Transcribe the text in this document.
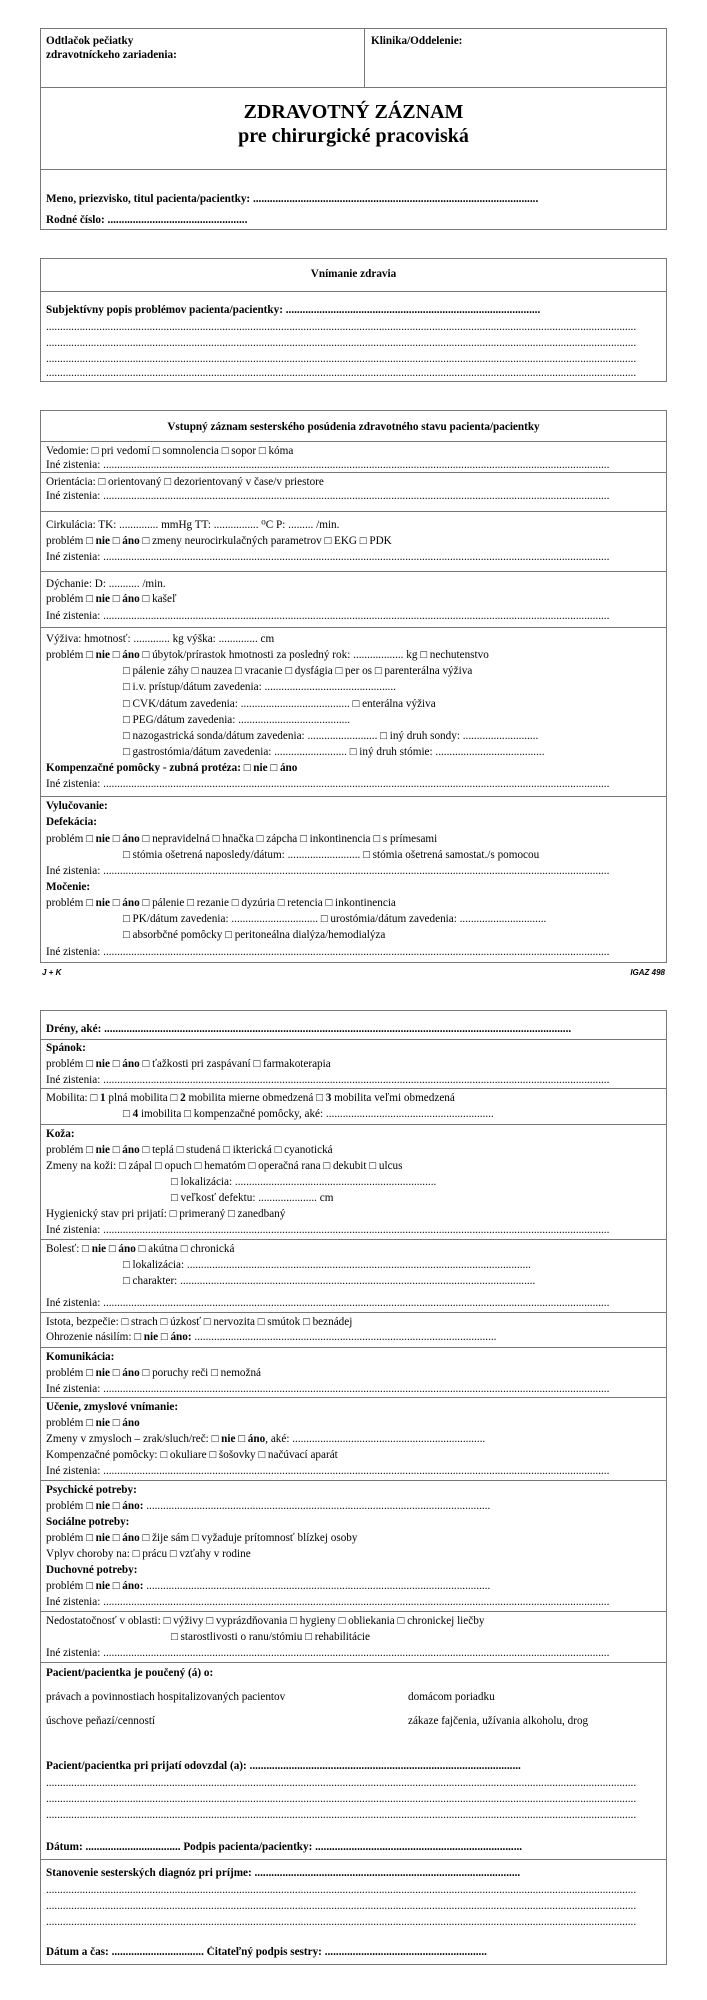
Odtlačok pečiatky
zdravotníckeho zariadenia:
Klinika/Oddelenie:
ZDRAVOTNÝ ZÁZNAM
pre chirurgické pracoviská
Meno, priezvisko, titul pacienta/pacientky: ......................................................................................................
Rodné číslo: ..................................................
Vnímanie zdravia
Subjektívny popis problémov pacienta/pacientky: ...........................................................................................
...................................................................................................................................................................................................................
...................................................................................................................................................................................................................
...................................................................................................................................................................................................................
...................................................................................................................................................................................................................
Vstupný záznam sesterského posúdenia zdravotného stavu pacienta/pacientky
Vedomie: □ pri vedomí □ somnolencia □ sopor □ kóma
Iné zistenia: .....................................................................................................................................................................................
Orientácia: □ orientovaný □ dezorientovaný v čase/v priestore
Iné zistenia: .....................................................................................................................................................................................
Cirkulácia: TK: .............. mmHg TT: ................ ⁰C P: ......... /min.
problém □ nie □ áno □ zmeny neurocirkulačných parametrov □ EKG □ PDK
Iné zistenia: .....................................................................................................................................................................................
Dýchanie: D: ........... /min.
problém □ nie □ áno □ kašeľ
Iné zistenia: .....................................................................................................................................................................................
Výživa: hmotnosť: ............. kg výška: .............. cm
problém □ nie □ áno □ úbytok/prírastok hmotnosti za posledný rok: .................. kg □ nechutenstvo
□ pálenie záhy □ nauzea □ vracanie □ dysfágia □ per os □ parenterálna výživa
□ i.v. prístup/dátum zavedenia: ...............................................
□ CVK/dátum zavedenia: ....................................... □ enterálna výživa
□ PEG/dátum zavedenia: ........................................
□ nazogastrická sonda/dátum zavedenia: ......................... □ iný druh sondy: ...........................
□ gastrostómia/dátum zavedenia: .......................... □ iný druh stómie: .......................................
Kompenzačné pomôcky - zubná protéza: □ nie □ áno
Iné zistenia: .....................................................................................................................................................................................
Vylučovanie:
Defekácia:
problém □ nie □ áno □ nepravidelná □ hnačka □ zápcha □ inkontinencia □ s prímesami
□ stómia ošetrená naposledy/dátum: .......................... □ stómia ošetrená samostat./s pomocou
Iné zistenia: .....................................................................................................................................................................................
Močenie:
problém □ nie □ áno □ pálenie □ rezanie □ dyzúria □ retencia □ inkontinencia
□ PK/dátum zavedenia: ............................... □ urostómia/dátum zavedenia: ...............................
□ absorbčné pomôcky □ peritoneálna dialýza/hemodialýza
Iné zistenia: .....................................................................................................................................................................................
J + K	IGAZ 498
Drény, aké: .......................................................................................................................................................................
Spánok:
problém □ nie □ áno □ ťažkosti pri zaspávaní □ farmakoterapia
Iné zistenia: .....................................................................................................................................................................................
Mobilita: □ 1 plná mobilita □ 2 mobilita mierne obmedzená □ 3 mobilita veľmi obmedzená
□ 4 imobilita □ kompenzačné pomôcky, aké: ............................................................
Koža:
problém □ nie □ áno □ teplá □ studená □ ikterická □ cyanotická
Zmeny na koži: □ zápal □ opuch □ hematóm □ operačná rana □ dekubit □ ulcus
□ lokalizácia: ........................................................................
□ veľkosť defektu: ..................... cm
Hygienický stav pri prijatí: □ primeraný □ zanedbaný
Iné zistenia: .....................................................................................................................................................................................
Bolesť: □ nie □ áno □ akútna □ chronická
□ lokalizácia: ...........................................................................................................................
□ charakter: ...............................................................................................................................
Iné zistenia: .....................................................................................................................................................................................
Istota, bezpečie: □ strach □ úzkosť □ nervozita □ smútok □ beznádej
Ohrozenie násilím: □ nie □ áno: ............................................................................................................
Komunikácia:
problém □ nie □ áno □ poruchy reči □ nemožná
Iné zistenia: .....................................................................................................................................................................................
Učenie, zmyslové vnímanie:
problém □ nie □ áno
Zmeny v zmysloch – zrak/sluch/reč: □ nie □ áno, aké: .....................................................................
Kompenzačné pomôcky: □ okuliare □ šošovky □ načúvací aparát
Iné zistenia: .....................................................................................................................................................................................
Psychické potreby:
problém □ nie □ áno: ...........................................................................................................................
Sociálne potreby:
problém □ nie □ áno □ žije sám □ vyžaduje prítomnosť blízkej osoby
Vplyv choroby na: □ prácu □ vzťahy v rodine
Duchovné potreby:
problém □ nie □ áno: ...........................................................................................................................
Iné zistenia: .....................................................................................................................................................................................
Nedostatočnosť v oblasti: □ výživy □ vyprázdňovania □ hygieny □ obliekania □ chronickej liečby
□ starostlivosti o ranu/stómiu □ rehabilitácie
Iné zistenia: .....................................................................................................................................................................................
Pacient/pacientka je poučený (á) o:
právach a povinnostiach hospitalizovaných pacientov	domácom poriadku
úschove peňazí/cenností	zákaze fajčenia, užívania alkoholu, drog
Pacient/pacientka pri prijatí odovzdal (a): .................................................................................................
...................................................................................................................................................................................................................
...................................................................................................................................................................................................................
...................................................................................................................................................................................................................
Dátum: .................................. Podpis pacienta/pacientky: ..........................................................................
Stanovenie sesterských diagnóz pri príjme: ...............................................................................................
...................................................................................................................................................................................................................
...................................................................................................................................................................................................................
...................................................................................................................................................................................................................
Dátum a čas: ................................. Čitateľný podpis sestry: ..........................................................
